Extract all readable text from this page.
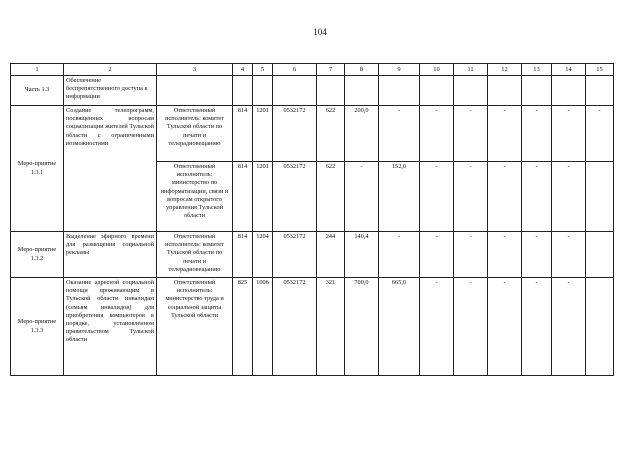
104
1	2	3	4	5	6	7	8	9	10	11	12	13	14	15
Часть 1.3	Обеспечение беспрепятственного доступа к информации													
Меро-приятие 1.3.1	Создание телепрограмм, посвященных вопросам социализации жителей Тульской области с ограниченными возможностями	Ответственный исполнитель: комитет Тульской области по печати и телерадиовещанию	814	1201	0532172	622	200,0	-	-	-	-	-	-	-
		Ответственный исполнитель: министерство по информатизации, связи и вопросам открытого управления Тульской области	814	1201	0532172	622	-	152,0	-	-	-	-	-	
Меро-приятие 1.3.2	Выделение эфирного времени для размещения социальной рекламы	Ответственный исполнитель: комитет Тульской области по печати и телерадиовещанию	814	1204	0532172	244	140,4	-	-	-	-	-	-	
Меро-приятие 1.3.3	Оказание адресной социальной помощи проживающим в Тульской области инвалидам (семьям инвалидов) для приобретения компьютеров в порядке, установленном правительством Тульской области	Ответственный исполнитель: министерство труда и социальной защиты Тульской области	825	1006	0532172	321	700,0	665,0	-	-	-	-	-	
